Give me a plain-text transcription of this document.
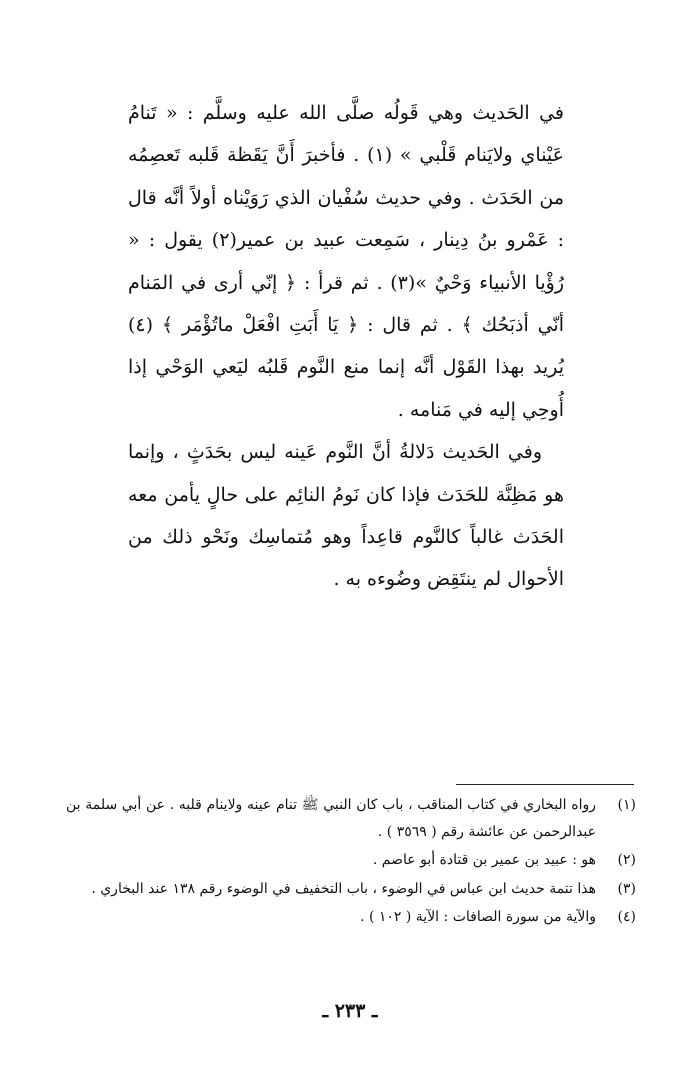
في الحَديث وهي قَولُه صلَّى الله عليه وسلَّم : « تَنامُ عَيْناي ولايَنام قَلْبي » (١) . فأخبرَ أَنَّ يَقَظة قَلبه تَعصِمُه من الحَدَث . وفي حديث سُفْيان الذي رَوَيْناه أولاً أنَّه قال : عَمْرو بنُ دِينار ، سَمِعت عبيد بن عمير(٢) يقول : « رُؤْيا الأنبياء وَحْيٌ »(٣) . ثم قرأ : ﴿ إنّي أرى في المَنام أنّي أذبَحُك ﴾ . ثم قال : ﴿ يَا أَبَتِ افْعَلْ ماتُؤْمَر ﴾ (٤) يُريد بهذا القَوْل أنَّه إنما منع النَّوم قَلبُه ليَعي الوَحْي إذا أُوحِي إليه في مَنامه .

وفي الحَديث دَلالةُ أنَّ النَّوم عَينه ليس بحَدَثٍ ، وإنما هو مَظِنَّة للحَدَث فإذا كان نَومُ النائِم على حالٍ يأمن معه الحَدَث غالباً كالنَّوم قاعِداً وهو مُتماسِك ونَحْو ذلك من الأحوال لم ينتَقِض وضُوءه به .

(١)
رواه البخاري في كتاب المناقب ، باب كان النبي ﷺ تنام عينه ولاينام قلبه . عن أبي سلمة بن عبدالرحمن عن عائشة رقم ( ٣٥٦٩ ) .
(٢)
هو : عبيد بن عمير بن قتادة أبو عاصم .
(٣)
هذا تتمة حديث ابن عباس في الوضوء ، باب التخفيف في الوضوء رقم ١٣٨ عند البخاري .
(٤)
والآية من سورة الصافات : الآية ( ١٠٢ ) .
ـ ٢٣٣ ـ
